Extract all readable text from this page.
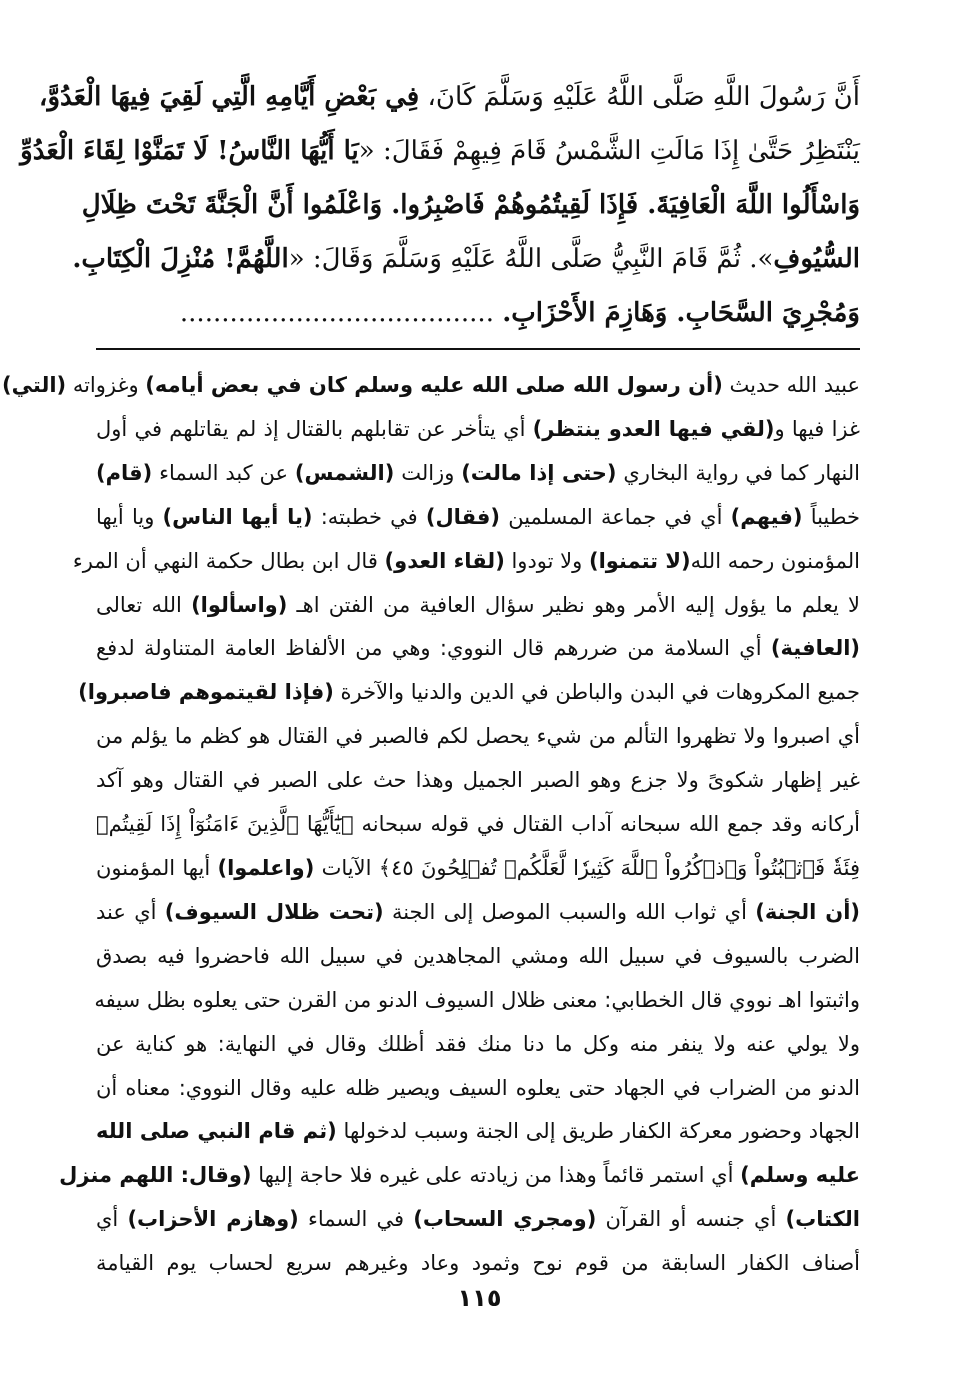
أَنَّ رَسُولَ اللَّهِ صَلَّى اللَّهُ عَلَيْهِ وَسَلَّمَ كَانَ، فِي بَعْضِ أَيَّامِهِ الَّتِي لَقِيَ فِيهَا الْعَدُوَّ،
يَنْتَظِرُ حَتَّىٰ إِذَا مَالَتِ الشَّمْسُ قَامَ فِيهِمْ فَقَالَ: «يَا أَيُّهَا النَّاسُ! لَا تَمَنَّوْا لِقَاءَ الْعَدُوِّ
وَاسْأَلُوا اللَّهَ الْعَافِيَةَ. فَإِذَا لَقِيتُمُوهُمْ فَاصْبِرُوا. وَاعْلَمُوا أَنَّ الْجَنَّةَ تَحْتَ ظِلَالِ
السُّيُوفِ». ثُمَّ قَامَ النَّبِيُّ صَلَّى اللَّهُ عَلَيْهِ وَسَلَّمَ وَقَالَ: «اللَّهُمَّ! مُنْزِلَ الْكِتَابِ.
وَمُجْرِيَ السَّحَابِ. وَهَازِمَ الأَحْزَابِ. ......................................
عبيد الله حديث (أن رسول الله صلى الله عليه وسلم كان في بعض أيامه) وغزواته (التي)
غزا فيها و(لقي فيها العدو ينتظر) أي يتأخر عن تقابلهم بالقتال إذ لم يقاتلهم في أول
النهار كما في رواية البخاري (حتى إذا مالت) وزالت (الشمس) عن كبد السماء (قام)
خطيباً (فيهم) أي في جماعة المسلمين (فقال) في خطبته: (يا أيها الناس) ويا أيها
المؤمنون رحمه الله(لا تتمنوا) ولا تودوا (لقاء العدو) قال ابن بطال حكمة النهي أن المرء
لا يعلم ما يؤول إليه الأمر وهو نظير سؤال العافية من الفتن اهـ (واسألوا) الله تعالى
(العافية) أي السلامة من ضررهم قال النووي: وهي من الألفاظ العامة المتناولة لدفع
جميع المكروهات في البدن والباطن في الدين والدنيا والآخرة (فإذا لقيتموهم فاصبروا)
أي اصبروا ولا تظهروا التألم من شيء يحصل لكم فالصبر في القتال هو كظم ما يؤلم من
غير إظهار شكوىً ولا جزع وهو الصبر الجميل وهذا حث على الصبر في القتال وهو آكد
أركانه وقد جمع الله سبحانه آداب القتال في قوله سبحانه ﴿يَٰٓأَيُّهَا ٱلَّذِينَ ءَامَنُوٓاْ إِذَا لَقِيتُمۡ
فِئَةٗ فَٱثۡبُتُواْ وَٱذۡكُرُواْ ٱللَّهَ كَثِيرٗا لَّعَلَّكُمۡ تُفۡلِحُونَ ٤٥﴾ الآيات (واعلموا) أيها المؤمنون
(أن الجنة) أي ثواب الله والسبب الموصل إلى الجنة (تحت ظلال السيوف) أي عند
الضرب بالسيوف في سبيل الله ومشي المجاهدين في سبيل الله فاحضروا فيه بصدق
واثبتوا اهـ نووي قال الخطابي: معنى ظلال السيوف الدنو من القرن حتى يعلوه بظل سيفه
ولا يولي عنه ولا ينفر منه وكل ما دنا منك فقد أظلك وقال في النهاية: هو كناية عن
الدنو من الضراب في الجهاد حتى يعلوه السيف ويصير ظله عليه وقال النووي: معناه أن
الجهاد وحضور معركة الكفار طريق إلى الجنة وسبب لدخولها (ثم قام النبي صلى الله
عليه وسلم) أي استمر قائماً وهذا من زيادته على غيره فلا حاجة إليها (وقال: اللهم منزل
الكتاب) أي جنسه أو القرآن (ومجري السحاب) في السماء (وهازم الأحزاب) أي
أصناف الكفار السابقة من قوم نوح وثمود وعاد وغيرهم سريع لحساب يوم القيامة
١١٥
